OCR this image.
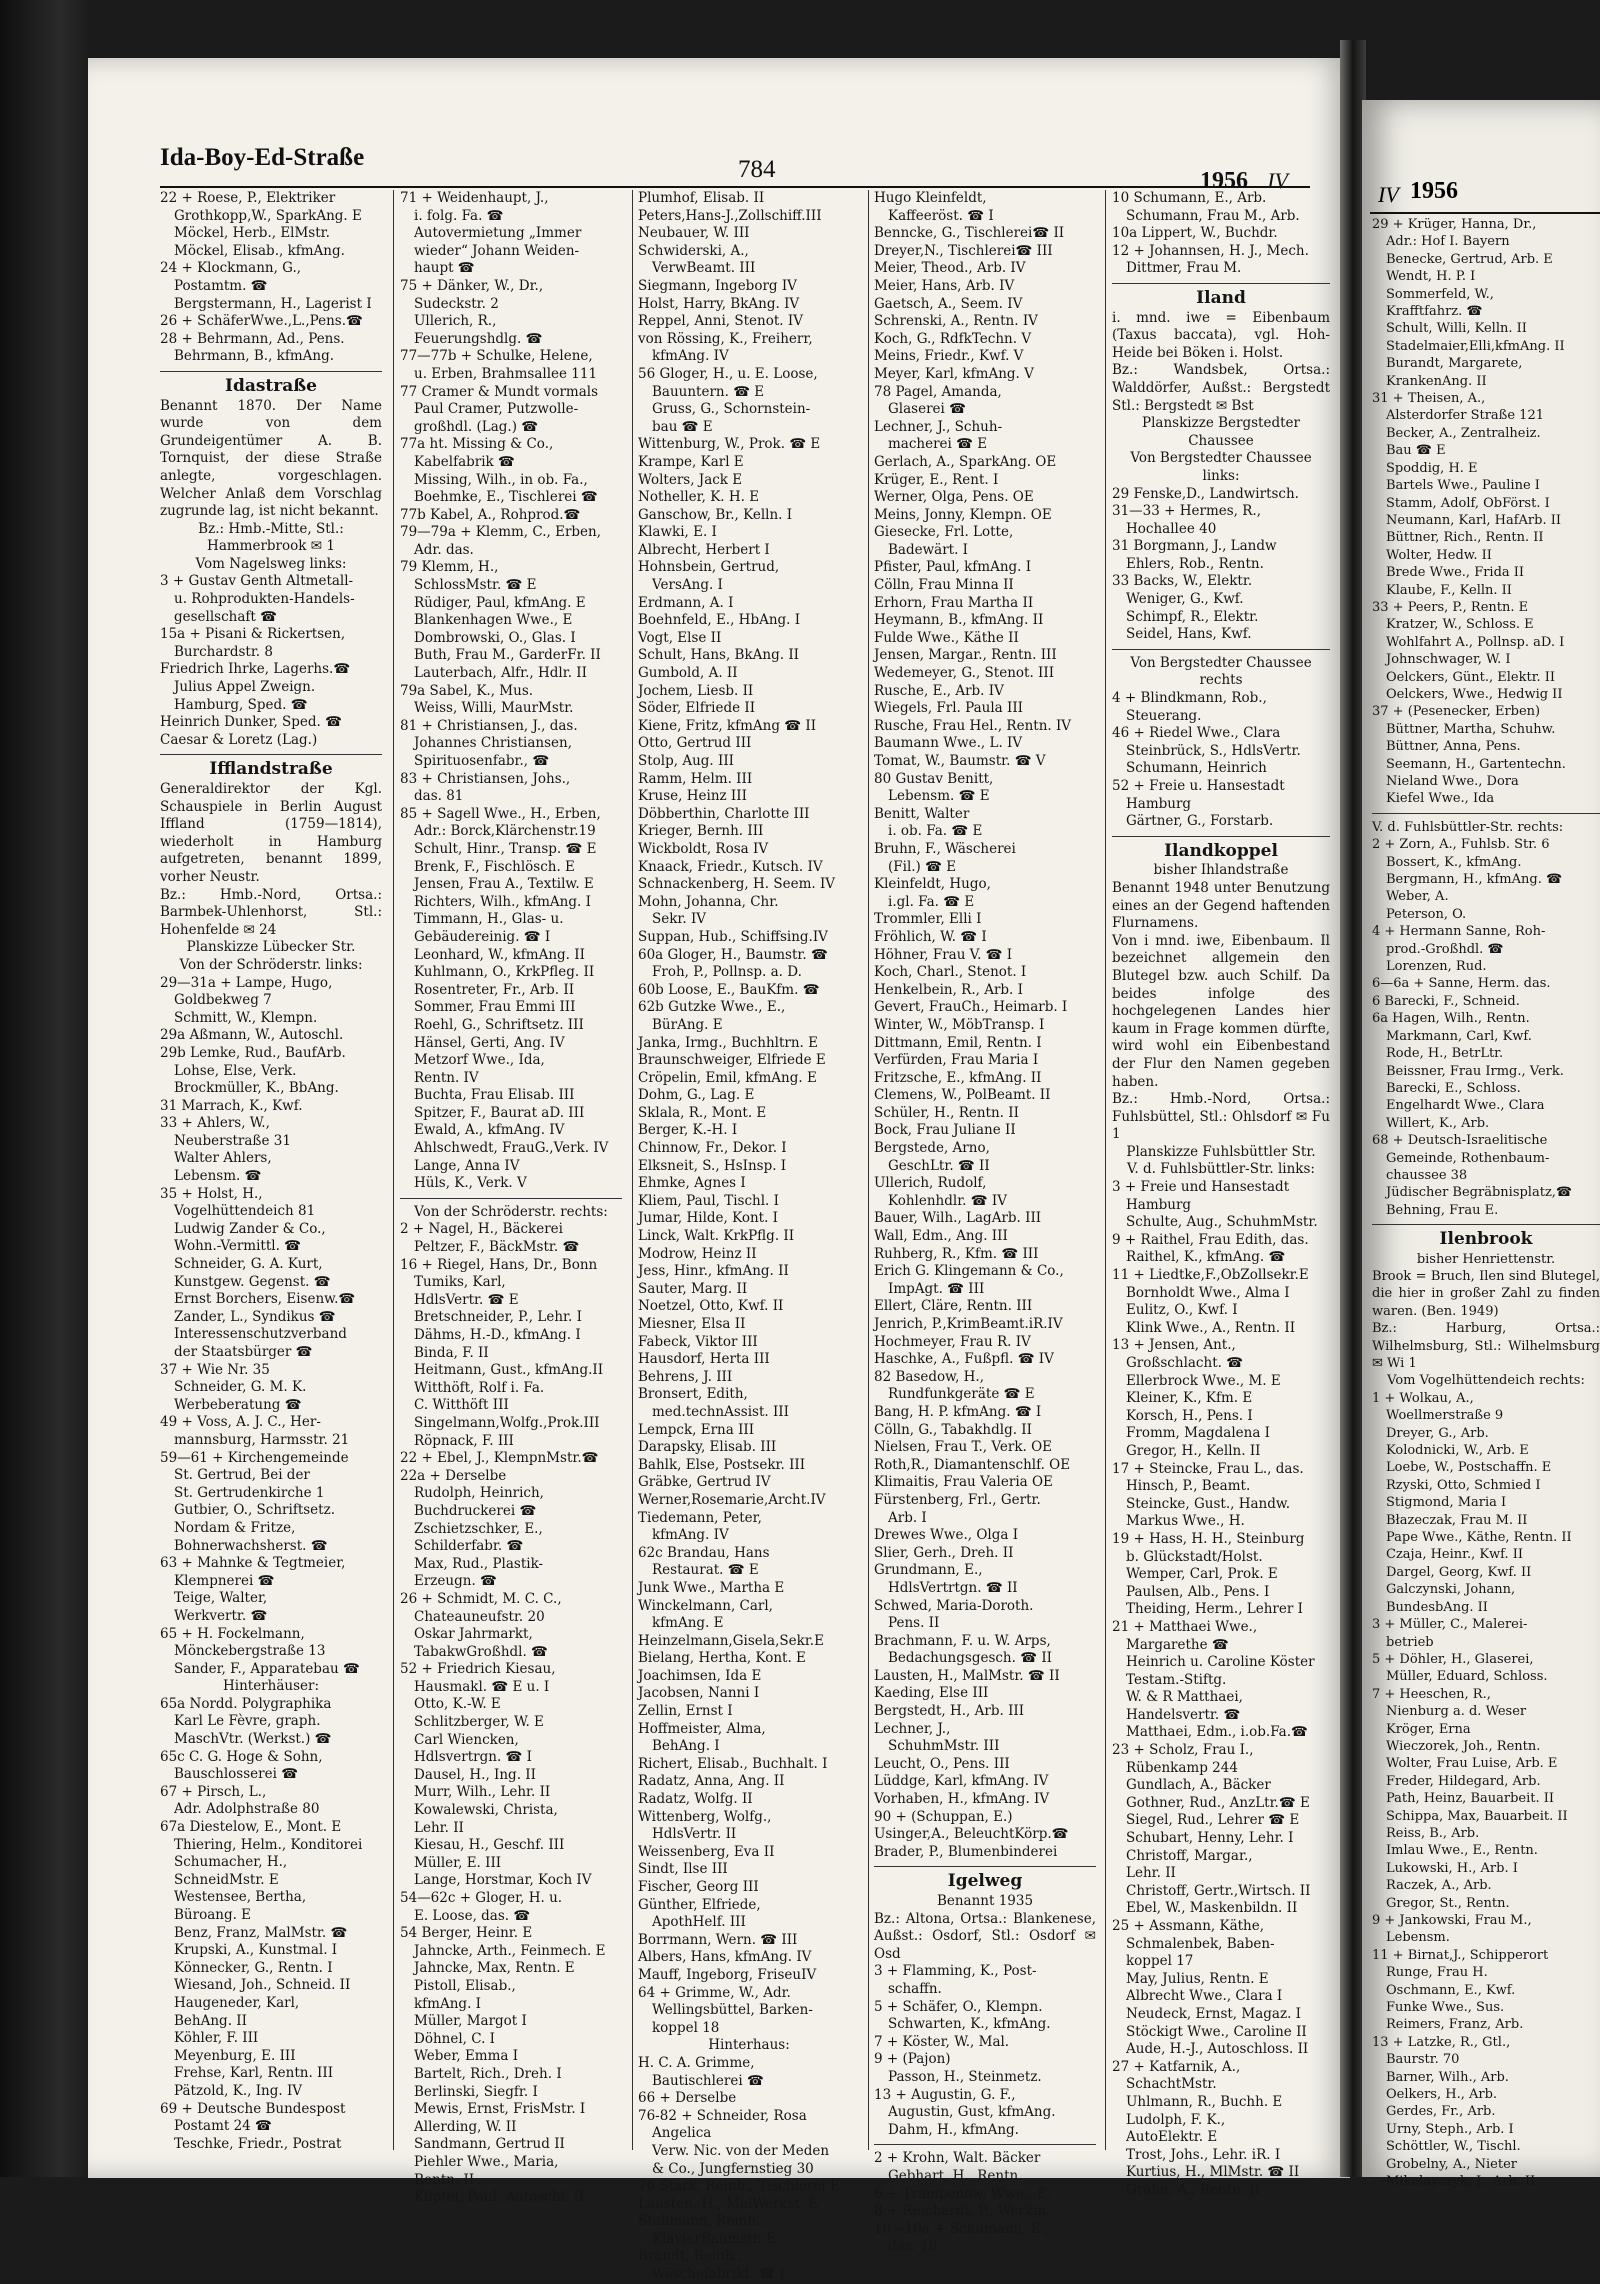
Ida-Boy-Ed-Straße	784	1956 IV
22 + Roese, P., Elektriker
Grothkopp,W., SparkAng. E
Möckel, Herb., ElMstr.
Möckel, Elisab., kfmAng.
24 + Klockmann, G.,
Postamtm. ☎
Bergstermann, H., Lagerist I
26 + SchäferWwe.,L.,Pens.☎
28 + Behrmann, Ad., Pens.
Behrmann, B., kfmAng.
Idastraße
Benannt 1870. Der Name wurde von dem Grundeigentümer A. B. Tornquist, der diese Straße anlegte, vorgeschlagen. Welcher Anlaß dem Vorschlag zugrunde lag, ist nicht bekannt.
Bz.: Hmb.-Mitte, Stl.: Hammerbrook ✉ 1
Vom Nagelsweg links:
3 + Gustav Genth Altmetall-
u. Rohprodukten-Handels-
gesellschaft ☎
15a + Pisani & Rickertsen,
Burchardstr. 8
Friedrich Ihrke, Lagerhs.☎
Julius Appel Zweign.
Hamburg, Sped. ☎
Heinrich Dunker, Sped. ☎
Caesar & Loretz (Lag.)
Ifflandstraße
Generaldirektor der Kgl. Schauspiele in Berlin August Iffland (1759—1814), wiederholt in Hamburg aufgetreten, benannt 1899, vorher Neustr.
Bz.: Hmb.-Nord, Ortsa.: Barmbek-Uhlenhorst, Stl.: Hohenfelde ✉ 24
Planskizze Lübecker Str.
Von der Schröderstr. links:
29—31a + Lampe, Hugo,
Goldbekweg 7
Schmitt, W., Klempn.
29a Aßmann, W., Autoschl.
29b Lemke, Rud., BaufArb.
Lohse, Else, Verk.
Brockmüller, K., BbAng.
31 Marrach, K., Kwf.
33 + Ahlers, W.,
Neuberstraße 31
Walter Ahlers,
Lebensm. ☎
35 + Holst, H.,
Vogelhüttendeich 81
Ludwig Zander & Co.,
Wohn.-Vermittl. ☎
Schneider, G. A. Kurt,
Kunstgew. Gegenst. ☎
Ernst Borchers, Eisenw.☎
Zander, L., Syndikus ☎
Interessenschutzverband
der Staatsbürger ☎
37 + Wie Nr. 35
Schneider, G. M. K.
Werbeberatung ☎
49 + Voss, A. J. C., Her-
mannsburg, Harmsstr. 21
59—61 + Kirchengemeinde
St. Gertrud, Bei der
St. Gertrudenkirche 1
Gutbier, O., Schriftsetz.
Nordam & Fritze,
Bohnerwachsherst. ☎
63 + Mahnke & Tegtmeier,
Klempnerei ☎
Teige, Walter,
Werkvertr. ☎
65 + H. Fockelmann,
Mönckebergstraße 13
Sander, F., Apparatebau ☎
Hinterhäuser:
65a Nordd. Polygraphika
Karl Le Fèvre, graph.
MaschVtr. (Werkst.) ☎
65c C. G. Hoge & Sohn,
Bauschlosserei ☎
67 + Pirsch, L.,
Adr. Adolphstraße 80
67a Diestelow, E., Mont. E
Thiering, Helm., Konditorei
Schumacher, H.,
SchneidMstr. E
Westensee, Bertha,
Büroang. E
Benz, Franz, MalMstr. ☎
Krupski, A., Kunstmal. I
Könnecker, G., Rentn. I
Wiesand, Joh., Schneid. II
Haugeneder, Karl,
BehAng. II
Köhler, F. III
Meyenburg, E. III
Frehse, Karl, Rentn. III
Pätzold, K., Ing. IV
69 + Deutsche Bundespost
Postamt 24 ☎
Teschke, Friedr., Postrat
71 + Weidenhaupt, J.,
i. folg. Fa. ☎
Autovermietung „Immer
wieder“ Johann Weiden-
haupt ☎
75 + Dänker, W., Dr.,
Sudeckstr. 2
Ullerich, R.,
Feuerungshdlg. ☎
77—77b + Schulke, Helene,
u. Erben, Brahmsallee 111
77 Cramer & Mundt vormals
Paul Cramer, Putzwolle-
großhdl. (Lag.) ☎
77a ht. Missing & Co.,
Kabelfabrik ☎
Missing, Wilh., in ob. Fa.,
Boehmke, E., Tischlerei ☎
77b Kabel, A., Rohprod.☎
79—79a + Klemm, C., Erben,
Adr. das.
79 Klemm, H.,
SchlossMstr. ☎ E
Rüdiger, Paul, kfmAng. E
Blankenhagen Wwe., E
Dombrowski, O., Glas. I
Buth, Frau M., GarderFr. II
Lauterbach, Alfr., Hdlr. II
79a Sabel, K., Mus.
Weiss, Willi, MaurMstr.
81 + Christiansen, J., das.
Johannes Christiansen,
Spirituosenfabr., ☎
83 + Christiansen, Johs.,
das. 81
85 + Sagell Wwe., H., Erben,
Adr.: Borck,Klärchenstr.19
Schult, Hinr., Transp. ☎ E
Brenk, F., Fischlösch. E
Jensen, Frau A., Textilw. E
Richters, Wilh., kfmAng. I
Timmann, H., Glas- u.
Gebäudereinig. ☎ I
Leonhard, W., kfmAng. II
Kuhlmann, O., KrkPfleg. II
Rosentreter, Fr., Arb. II
Sommer, Frau Emmi III
Roehl, G., Schriftsetz. III
Hänsel, Gerti, Ang. IV
Metzorf Wwe., Ida,
Rentn. IV
Buchta, Frau Elisab. III
Spitzer, F., Baurat aD. III
Ewald, A., kfmAng. IV
Ahlschwedt, FrauG.,Verk. IV
Lange, Anna IV
Hüls, K., Verk. V
Von der Schröderstr. rechts:
2 + Nagel, H., Bäckerei
Peltzer, F., BäckMstr. ☎
16 + Riegel, Hans, Dr., Bonn
Tumiks, Karl,
HdlsVertr. ☎ E
Bretschneider, P., Lehr. I
Dähms, H.-D., kfmAng. I
Binda, F. II
Heitmann, Gust., kfmAng.II
Witthöft, Rolf i. Fa.
C. Witthöft III
Singelmann,Wolfg.,Prok.III
Röpnack, F. III
22 + Ebel, J., KlempnMstr.☎
22a + Derselbe
Rudolph, Heinrich,
Buchdruckerei ☎
Zschietzschker, E.,
Schilderfabr. ☎
Max, Rud., Plastik-
Erzeugn. ☎
26 + Schmidt, M. C. C.,
Chateauneufstr. 20
Oskar Jahrmarkt,
TabakwGroßhdl. ☎
52 + Friedrich Kiesau,
Hausmakl. ☎ E u. I
Otto, K.-W. E
Schlitzberger, W. E
Carl Wiencken,
Hdlsvertrgn. ☎ I
Dausel, H., Ing. II
Murr, Wilh., Lehr. II
Kowalewski, Christa,
Lehr. II
Kiesau, H., Geschf. III
Müller, E. III
Lange, Horstmar, Koch IV
54—62c + Gloger, H. u.
E. Loose, das. ☎
54 Berger, Heinr. E
Jahncke, Arth., Feinmech. E
Jahncke, Max, Rentn. E
Pistoll, Elisab.,
kfmAng. I
Müller, Margot I
Döhnel, C. I
Weber, Emma I
Bartelt, Rich., Dreh. I
Berlinski, Siegfr. I
Mewis, Ernst, FrisMstr. I
Allerding, W. II
Sandmann, Gertrud II
Piehler Wwe., Maria,
Rentn. II
Klipfel, Paul, Autoschl. II
Plumhof, Elisab. II
Peters,Hans-J.,Zollschiff.III
Neubauer, W. III
Schwiderski, A.,
VerwBeamt. III
Siegmann, Ingeborg IV
Holst, Harry, BkAng. IV
Reppel, Anni, Stenot. IV
von Rössing, K., Freiherr,
kfmAng. IV
56 Gloger, H., u. E. Loose,
Bauuntern. ☎ E
Gruss, G., Schornstein-
bau ☎ E
Wittenburg, W., Prok. ☎ E
Krampe, Karl E
Wolters, Jack E
Notheller, K. H. E
Ganschow, Br., Kelln. I
Klawki, E. I
Albrecht, Herbert I
Hohnsbein, Gertrud,
VersAng. I
Erdmann, A. I
Boehnfeld, E., HbAng. I
Vogt, Else II
Schult, Hans, BkAng. II
Gumbold, A. II
Jochem, Liesb. II
Söder, Elfriede II
Kiene, Fritz, kfmAng ☎ II
Otto, Gertrud III
Stolp, Aug. III
Ramm, Helm. III
Kruse, Heinz III
Döbberthin, Charlotte III
Krieger, Bernh. III
Wickboldt, Rosa IV
Knaack, Friedr., Kutsch. IV
Schnackenberg, H. Seem. IV
Mohn, Johanna, Chr.
Sekr. IV
Suppan, Hub., Schiffsing.IV
60a Gloger, H., Baumstr. ☎
Froh, P., Pollnsp. a. D.
60b Loose, E., BauKfm. ☎
62b Gutzke Wwe., E.,
BürAng. E
Janka, Irmg., Buchhltrn. E
Braunschweiger, Elfriede E
Cröpelin, Emil, kfmAng. E
Dohm, G., Lag. E
Sklala, R., Mont. E
Berger, K.-H. I
Chinnow, Fr., Dekor. I
Elksneit, S., HsInsp. I
Ehmke, Agnes I
Kliem, Paul, Tischl. I
Jumar, Hilde, Kont. I
Linck, Walt. KrkPflg. II
Modrow, Heinz II
Jess, Hinr., kfmAng. II
Sauter, Marg. II
Noetzel, Otto, Kwf. II
Miesner, Elsa II
Fabeck, Viktor III
Hausdorf, Herta III
Behrens, J. III
Bronsert, Edith,
med.technAssist. III
Lempck, Erna III
Darapsky, Elisab. III
Bahlk, Else, Postsekr. III
Gräbke, Gertrud IV
Werner,Rosemarie,Archt.IV
Tiedemann, Peter,
kfmAng. IV
62c Brandau, Hans
Restaurat. ☎ E
Junk Wwe., Martha E
Winckelmann, Carl,
kfmAng. E
Heinzelmann,Gisela,Sekr.E
Bielang, Hertha, Kont. E
Joachimsen, Ida E
Jacobsen, Nanni I
Zellin, Ernst I
Hoffmeister, Alma,
BehAng. I
Richert, Elisab., Buchhalt. I
Radatz, Anna, Ang. II
Radatz, Wolfg. II
Wittenberg, Wolfg.,
HdlsVertr. II
Weissenberg, Eva II
Sindt, Ilse III
Fischer, Georg III
Günther, Elfriede,
ApothHelf. III
Borrmann, Wern. ☎ III
Albers, Hans, kfmAng. IV
Mauff, Ingeborg, FriseuIV
64 + Grimme, W., Adr.
Wellingsbüttel, Barken-
koppel 18
Hinterhaus:
H. C. A. Grimme,
Bautischlerei ☎
66 + Derselbe
76-82 + Schneider, Rosa
Angelica
Verw. Nic. von der Meden
& Co., Jungfernstieg 30
76 Stark, Reinh., Tischlerei E
Lausten, H., MalWerkst. E
Stallmann, Reinh.,
KlavierBaumstr. E
Brandt, Reinh.,
Wäschefabrikt. ☎ I
Hugo Kleinfeldt,
Kaffeeröst. ☎ I
Benncke, G., Tischlerei☎ II
Dreyer,N., Tischlerei☎ III
Meier, Theod., Arb. IV
Meier, Hans, Arb. IV
Gaetsch, A., Seem. IV
Schrenski, A., Rentn. IV
Koch, G., RdfkTechn. V
Meins, Friedr., Kwf. V
Meyer, Karl, kfmAng. V
78 Pagel, Amanda,
Glaserei ☎
Lechner, J., Schuh-
macherei ☎ E
Gerlach, A., SparkAng. OE
Krüger, E., Rent. I
Werner, Olga, Pens. OE
Meins, Jonny, Klempn. OE
Giesecke, Frl. Lotte,
Badewärt. I
Pfister, Paul, kfmAng. I
Cölln, Frau Minna II
Erhorn, Frau Martha II
Heymann, B., kfmAng. II
Fulde Wwe., Käthe II
Jensen, Margar., Rentn. III
Wedemeyer, G., Stenot. III
Rusche, E., Arb. IV
Wiegels, Frl. Paula III
Rusche, Frau Hel., Rentn. IV
Baumann Wwe., L. IV
Tomat, W., Baumstr. ☎ V
80 Gustav Benitt,
Lebensm. ☎ E
Benitt, Walter
i. ob. Fa. ☎ E
Bruhn, F., Wäscherei
(Fil.) ☎ E
Kleinfeldt, Hugo,
i.gl. Fa. ☎ E
Trommler, Elli I
Fröhlich, W. ☎ I
Höhner, Frau V. ☎ I
Koch, Charl., Stenot. I
Henkelbein, R., Arb. I
Gevert, FrauCh., Heimarb. I
Winter, W., MöbTransp. I
Dittmann, Emil, Rentn. I
Verfürden, Frau Maria I
Fritzsche, E., kfmAng. II
Clemens, W., PolBeamt. II
Schüler, H., Rentn. II
Bock, Frau Juliane II
Bergstede, Arno,
GeschLtr. ☎ II
Ullerich, Rudolf,
Kohlenhdlr. ☎ IV
Bauer, Wilh., LagArb. III
Wall, Edm., Ang. III
Ruhberg, R., Kfm. ☎ III
Erich G. Klingemann & Co.,
ImpAgt. ☎ III
Ellert, Cläre, Rentn. III
Jenrich, P.,KrimBeamt.iR.IV
Hochmeyer, Frau R. IV
Haschke, A., Fußpfl. ☎ IV
82 Basedow, H.,
Rundfunkgeräte ☎ E
Bang, H. P. kfmAng. ☎ I
Cölln, G., Tabakhdlg. II
Nielsen, Frau T., Verk. OE
Roth,R., Diamantenschlf. OE
Klimaitis, Frau Valeria OE
Fürstenberg, Frl., Gertr.
Arb. I
Drewes Wwe., Olga I
Slier, Gerh., Dreh. II
Grundmann, E.,
HdlsVertrtgn. ☎ II
Schwed, Maria-Doroth.
Pens. II
Brachmann, F. u. W. Arps,
Bedachungsgesch. ☎ II
Lausten, H., MalMstr. ☎ II
Kaeding, Else III
Bergstedt, H., Arb. III
Lechner, J.,
SchuhmMstr. III
Leucht, O., Pens. III
Lüddge, Karl, kfmAng. IV
Vorhaben, H., kfmAng. IV
90 + (Schuppan, E.)
Usinger,A., BeleuchtKörp.☎
Brader, P., Blumenbinderei
Igelweg
Benannt 1935
Bz.: Altona, Ortsa.: Blankenese, Außst.: Osdorf, Stl.: Osdorf ✉ Osd
3 + Flamming, K., Post-
schaffn.
5 + Schäfer, O., Klempn.
Schwarten, K., kfmAng.
7 + Köster, W., Mal.
9 + (Pajon)
Passon, H., Steinmetz.
13 + Augustin, G. F.,
Augustin, Gust, kfmAng.
Dahm, H., kfmAng.
2 + Krohn, Walt. Bäcker
Gebhart, H., Rentn.
6 + Trampenow, Wwe., E.
8 + Reichardt, P., Werkm.
10—10a + Schumann, E.,
das. 10
10 Schumann, E., Arb.
Schumann, Frau M., Arb.
10a Lippert, W., Buchdr.
12 + Johannsen, H. J., Mech.
Dittmer, Frau M.
Iland
i. mnd. iwe = Eibenbaum (Taxus baccata), vgl. Hoh-Heide bei Böken i. Holst.
Bz.: Wandsbek, Ortsa.: Walddörfer, Außst.: Bergstedt Stl.: Bergstedt ✉ Bst
Planskizze Bergstedter Chaussee
Von Bergstedter Chaussee links:
29 Fenske,D., Landwirtsch.
31—33 + Hermes, R.,
Hochallee 40
31 Borgmann, J., Landw
Ehlers, Rob., Rentn.
33 Backs, W., Elektr.
Weniger, G., Kwf.
Schimpf, R., Elektr.
Seidel, Hans, Kwf.
Von Bergstedter Chaussee rechts
4 + Blindkmann, Rob.,
Steuerang.
46 + Riedel Wwe., Clara
Steinbrück, S., HdlsVertr.
Schumann, Heinrich
52 + Freie u. Hansestadt
Hamburg
Gärtner, G., Forstarb.
Ilandkoppel
bisher Ihlandstraße
Benannt 1948 unter Benutzung eines an der Gegend haftenden Flurnamens.
Von i mnd. iwe, Eibenbaum. Il bezeichnet allgemein den Blutegel bzw. auch Schilf. Da beides infolge des hochgelegenen Landes hier kaum in Frage kommen dürfte, wird wohl ein Eibenbestand der Flur den Namen gegeben haben.
Bz.: Hmb.-Nord, Ortsa.: Fuhlsbüttel, Stl.: Ohlsdorf ✉ Fu 1
Planskizze Fuhlsbüttler Str.
V. d. Fuhlsbüttler-Str. links:
3 + Freie und Hansestadt
Hamburg
Schulte, Aug., SchuhmMstr.
9 + Raithel, Frau Edith, das.
Raithel, K., kfmAng. ☎
11 + Liedtke,F.,ObZollsekr.E
Bornholdt Wwe., Alma I
Eulitz, O., Kwf. I
Klink Wwe., A., Rentn. II
13 + Jensen, Ant.,
Großschlacht. ☎
Ellerbrock Wwe., M. E
Kleiner, K., Kfm. E
Korsch, H., Pens. I
Fromm, Magdalena I
Gregor, H., Kelln. II
17 + Steincke, Frau L., das.
Hinsch, P., Beamt.
Steincke, Gust., Handw.
Markus Wwe., H.
19 + Hass, H. H., Steinburg
b. Glückstadt/Holst.
Wemper, Carl, Prok. E
Paulsen, Alb., Pens. I
Theiding, Herm., Lehrer I
21 + Matthaei Wwe.,
Margarethe ☎
Heinrich u. Caroline Köster
Testam.-Stiftg.
W. & R Matthaei,
Handelsvertr. ☎
Matthaei, Edm., i.ob.Fa.☎
23 + Scholz, Frau I.,
Rübenkamp 244
Gundlach, A., Bäcker
Gothner, Rud., AnzLtr.☎ E
Siegel, Rud., Lehrer ☎ E
Schubart, Henny, Lehr. I
Christoff, Margar.,
Lehr. II
Christoff, Gertr.,Wirtsch. II
Ebel, W., Maskenbildn. II
25 + Assmann, Käthe,
Schmalenbek, Baben-
koppel 17
May, Julius, Rentn. E
Albrecht Wwe., Clara I
Neudeck, Ernst, Magaz. I
Stöckigt Wwe., Caroline II
Aude, H.-J., Autoschloss. II
27 + Katfarnik, A.,
SchachtMstr.
Uhlmann, R., Buchh. E
Ludolph, F. K.,
AutoElektr. E
Trost, Johs., Lehr. iR. I
Kurtius, H., MlMstr. ☎ II
Grahn, A., Rentn. II
IV 1956
29 + Krüger, Hanna, Dr.,
Adr.: Hof I. Bayern
Benecke, Gertrud, Arb. E
Wendt, H. P. I
Sommerfeld, W.,
Krafftfahrz. ☎
Schult, Willi, Kelln. II
Stadelmaier,Elli,kfmAng. II
Burandt, Margarete,
KrankenAng. II
31 + Theisen, A.,
Alsterdorfer Straße 121
Becker, A., Zentralheiz.
Bau ☎ E
Spoddig, H. E
Bartels Wwe., Pauline I
Stamm, Adolf, ObFörst. I
Neumann, Karl, HafArb. II
Büttner, Rich., Rentn. II
Wolter, Hedw. II
Brede Wwe., Frida II
Klaube, F., Kelln. II
33 + Peers, P., Rentn. E
Kratzer, W., Schloss. E
Wohlfahrt A., Pollnsp. aD. I
Johnschwager, W. I
Oelckers, Günt., Elektr. II
Oelckers, Wwe., Hedwig II
37 + (Pesenecker, Erben)
Büttner, Martha, Schuhw.
Büttner, Anna, Pens.
Seemann, H., Gartentechn.
Nieland Wwe., Dora
Kiefel Wwe., Ida
V. d. Fuhlsbüttler-Str. rechts:
2 + Zorn, A., Fuhlsb. Str. 6
Bossert, K., kfmAng.
Bergmann, H., kfmAng. ☎
Weber, A.
Peterson, O.
4 + Hermann Sanne, Roh-
prod.-Großhdl. ☎
Lorenzen, Rud.
6—6a + Sanne, Herm. das.
6 Barecki, F., Schneid.
6a Hagen, Wilh., Rentn.
Markmann, Carl, Kwf.
Rode, H., BetrLtr.
Beissner, Frau Irmg., Verk.
Barecki, E., Schloss.
Engelhardt Wwe., Clara
Willert, K., Arb.
68 + Deutsch-Israelitische
Gemeinde, Rothenbaum-
chaussee 38
Jüdischer Begräbnisplatz,☎
Behning, Frau E.
Ilenbrook
bisher Henriettenstr.
Brook = Bruch, Ilen sind Blutegel, die hier in großer Zahl zu finden waren. (Ben. 1949)
Bz.: Harburg, Ortsa.: Wilhelmsburg, Stl.: Wilhelmsburg ✉ Wi 1
Vom Vogelhüttendeich rechts:
1 + Wolkau, A.,
Woellmerstraße 9
Dreyer, G., Arb.
Kolodnicki, W., Arb. E
Loebe, W., Postschaffn. E
Rzyski, Otto, Schmied I
Stigmond, Maria I
Błazeczak, Frau M. II
Pape Wwe., Käthe, Rentn. II
Czaja, Heinr., Kwf. II
Dargel, Georg, Kwf. II
Galczynski, Johann,
BundesbAng. II
3 + Müller, C., Malerei-
betrieb
5 + Döhler, H., Glaserei,
Müller, Eduard, Schloss.
7 + Heeschen, R.,
Nienburg a. d. Weser
Kröger, Erna
Wieczorek, Joh., Rentn.
Wolter, Frau Luise, Arb. E
Freder, Hildegard, Arb.
Path, Heinz, Bauarbeit. II
Schippa, Max, Bauarbeit. II
Reiss, B., Arb.
Imlau Wwe., E., Rentn.
Lukowski, H., Arb. I
Raczek, A., Arb.
Gregor, St., Rentn.
9 + Jankowski, Frau M.,
Lebensm.
11 + Birnat,J., Schipperort
Runge, Frau H.
Oschmann, E., Kwf.
Funke Wwe., Sus.
Reimers, Franz, Arb.
13 + Latzke, R., Gtl.,
Baurstr. 70
Barner, Wilh., Arb.
Oelkers, H., Arb.
Gerdes, Fr., Arb.
Urny, Steph., Arb. I
Schöttler, W., Tischl.
Grobelny, A., Nieter
Mikolayczyk, J., Arb. II
